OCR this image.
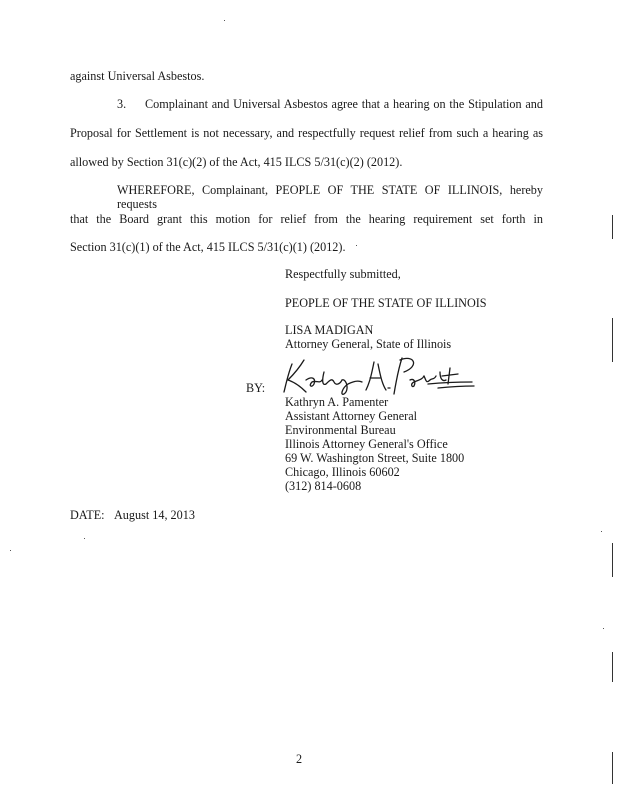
against Universal Asbestos.
3. Complainant and Universal Asbestos agree that a hearing on the Stipulation and
Proposal for Settlement is not necessary, and respectfully request relief from such a hearing as
allowed by Section 31(c)(2) of the Act, 415 ILCS 5/31(c)(2) (2012).
WHEREFORE, Complainant, PEOPLE OF THE STATE OF ILLINOIS, hereby requests
that the Board grant this motion for relief from the hearing requirement set forth in
Section 31(c)(1) of the Act, 415 ILCS 5/31(c)(1) (2012).
Respectfully submitted,
PEOPLE OF THE STATE OF ILLINOIS
LISA MADIGAN
Attorney General, State of Illinois
BY:
Kathryn A. Pamenter
Assistant Attorney General
Environmental Bureau
Illinois Attorney General's Office
69 W. Washington Street, Suite 1800
Chicago, Illinois 60602
(312) 814-0608
DATE: August 14, 2013
2
